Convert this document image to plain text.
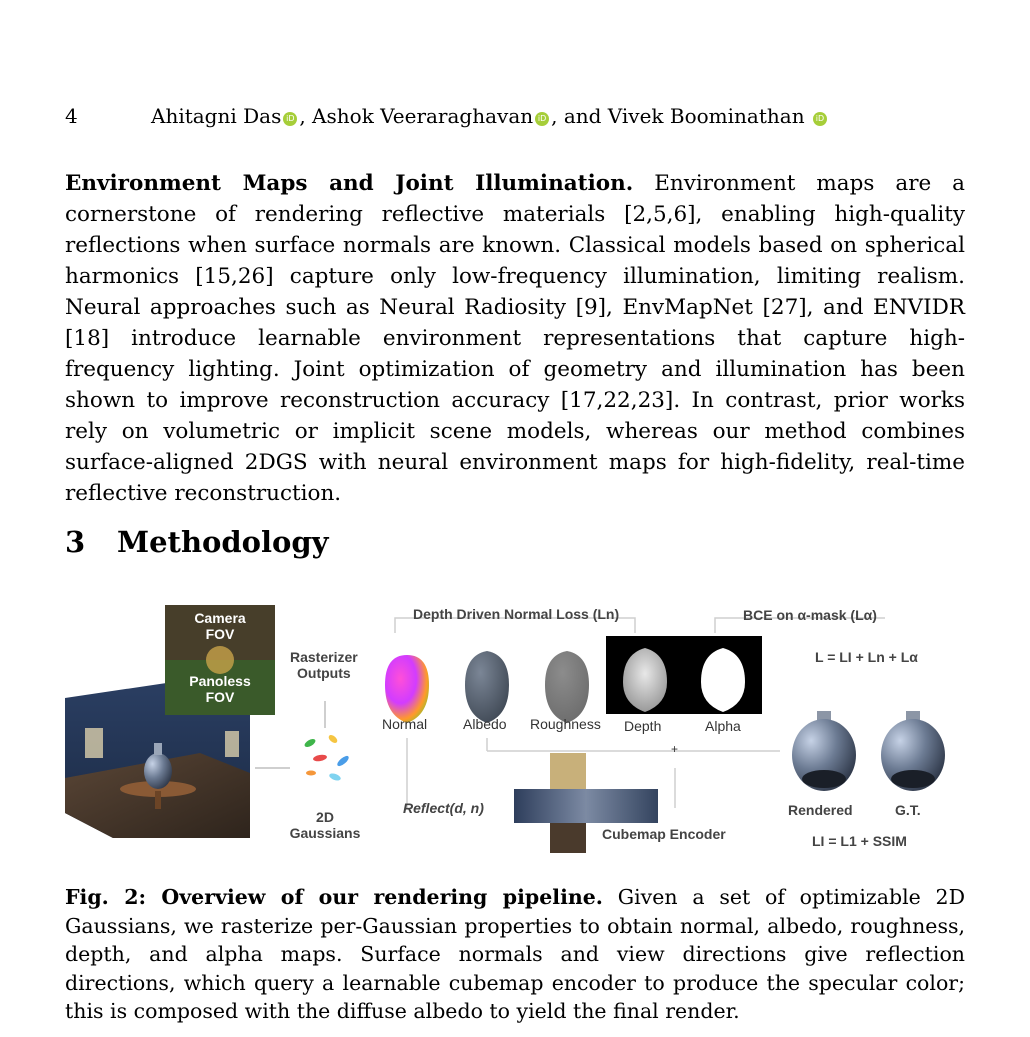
4	Ahitagni Das iD , Ashok Veeraraghavan iD , and Vivek Boominathan iD
Environment Maps and Joint Illumination. Environment maps are a cornerstone of rendering reflective materials [2,5,6], enabling high-quality reflections when surface normals are known. Classical models based on spherical harmonics [15,26] capture only low-frequency illumination, limiting realism. Neural approaches such as Neural Radiosity [9], EnvMapNet [27], and ENVIDR [18] introduce learnable environment representations that capture high-frequency lighting. Joint optimization of geometry and illumination has been shown to improve reconstruction accuracy [17,22,23]. In contrast, prior works rely on volumetric or implicit scene models, whereas our method combines surface-aligned 2DGS with neural environment maps for high-fidelity, real-time reflective reconstruction.
3 Methodology
Camera FOV
Panoless FOV
Rasterizer
Outputs
2D
Gaussians
Depth Driven Normal Loss (Ln)	BCE on α-mask (Lα)
L = LI + Ln + Lα
Normal	Albedo Roughness Depth	Alpha
+
Reflect(d, n)
Cubemap Encoder
Rendered	G.T.
LI = L1 + SSIM
Fig. 2: Overview of our rendering pipeline. Given a set of optimizable 2D Gaussians, we rasterize per-Gaussian properties to obtain normal, albedo, roughness, depth, and alpha maps. Surface normals and view directions give reflection directions, which query a learnable cubemap encoder to produce the specular color; this is composed with the diffuse albedo to yield the final render.
